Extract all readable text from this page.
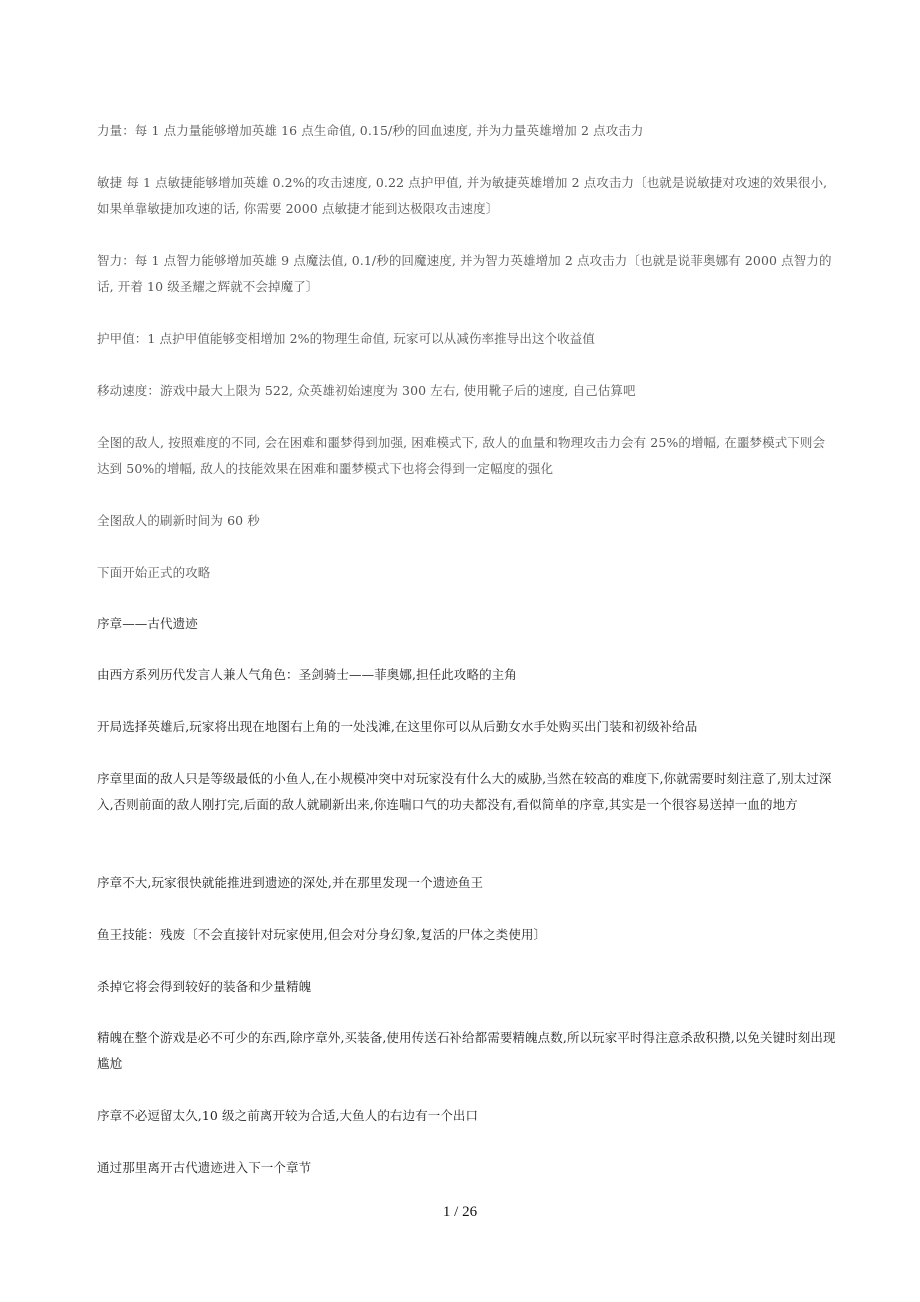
力量：每 1 点力量能够增加英雄 16 点生命值, 0.15/秒的回血速度, 并为力量英雄增加 2 点攻击力

敏捷 每 1 点敏捷能够增加英雄 0.2%的攻击速度, 0.22 点护甲值, 并为敏捷英雄增加 2 点攻击力〔也就是说敏捷对攻速的效果很小, 如果单靠敏捷加攻速的话, 你需要 2000 点敏捷才能到达极限攻击速度〕

智力：每 1 点智力能够增加英雄 9 点魔法值, 0.1/秒的回魔速度, 并为智力英雄增加 2 点攻击力〔也就是说菲奥娜有 2000 点智力的话, 开着 10 级圣耀之辉就不会掉魔了〕

护甲值：1 点护甲值能够变相增加 2%的物理生命值, 玩家可以从减伤率推导出这个收益值

移动速度：游戏中最大上限为 522, 众英雄初始速度为 300 左右, 使用靴子后的速度, 自己估算吧

全图的敌人, 按照难度的不同, 会在困难和噩梦得到加强, 困难模式下, 敌人的血量和物理攻击力会有 25%的增幅, 在噩梦模式下则会达到 50%的增幅, 敌人的技能效果在困难和噩梦模式下也将会得到一定幅度的强化

全图敌人的刷新时间为 60 秒

下面开始正式的攻略

序章——古代遗迹

由西方系列历代发言人兼人气角色：圣剑骑士——菲奥娜,担任此攻略的主角

开局选择英雄后,玩家将出现在地图右上角的一处浅滩,在这里你可以从后勤女水手处购买出门装和初级补给品

序章里面的敌人只是等级最低的小鱼人,在小规模冲突中对玩家没有什么大的威胁,当然在较高的难度下,你就需要时刻注意了,别太过深入,否则前面的敌人刚打完,后面的敌人就刷新出来,你连喘口气的功夫都没有,看似简单的序章,其实是一个很容易送掉一血的地方

序章不大,玩家很快就能推进到遗迹的深处,并在那里发现一个遗迹鱼王

鱼王技能：残废〔不会直接针对玩家使用,但会对分身幻象,复活的尸体之类使用〕

杀掉它将会得到较好的装备和少量精魄

精魄在整个游戏是必不可少的东西,除序章外,买装备,使用传送石补给都需要精魄点数,所以玩家平时得注意杀敌积攒,以免关键时刻出现尴尬

序章不必逗留太久,10 级之前离开较为合适,大鱼人的右边有一个出口

通过那里离开古代遗迹进入下一个章节

1 / 26
